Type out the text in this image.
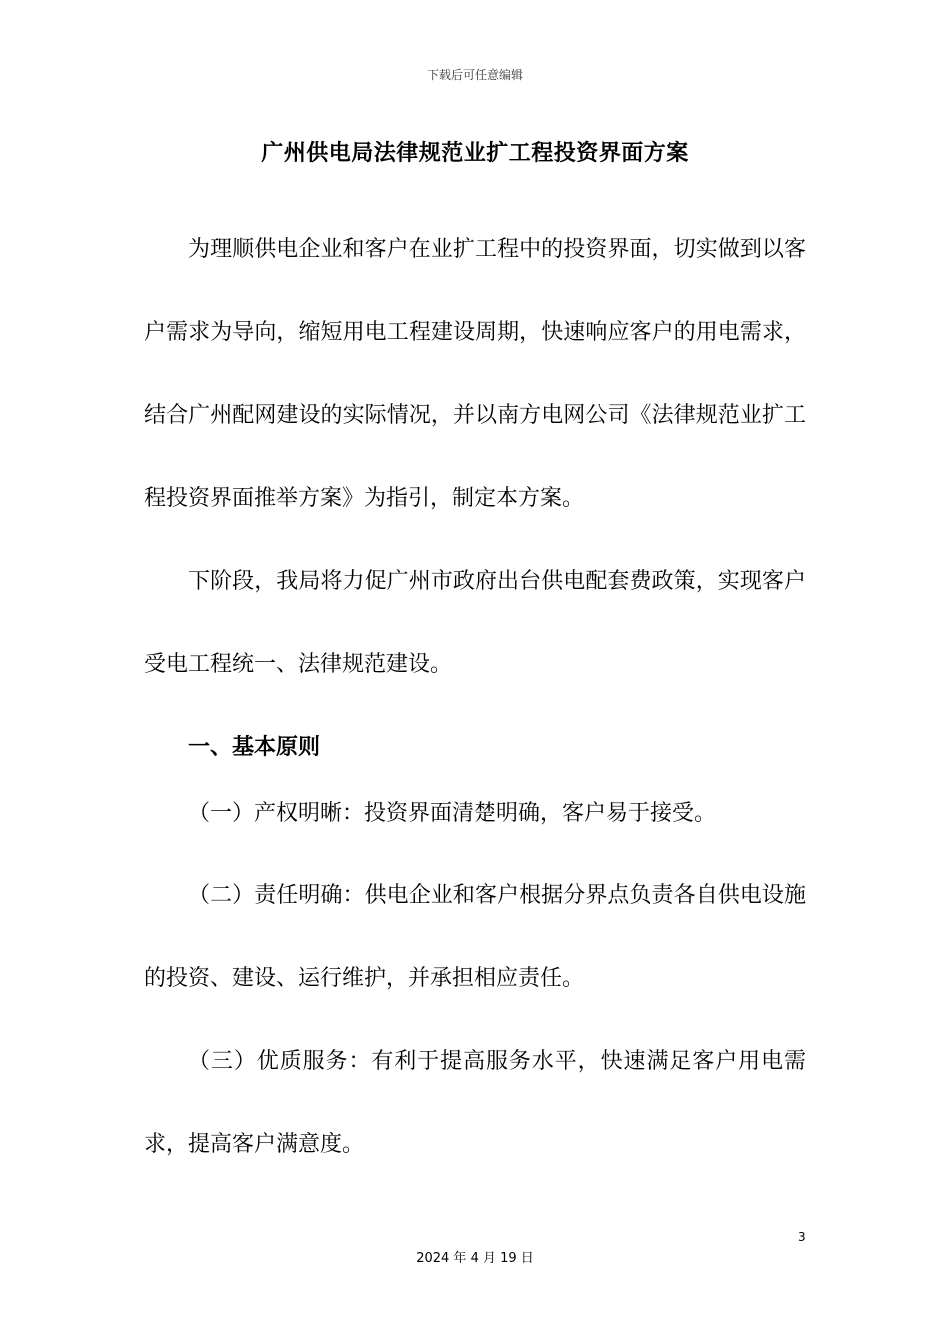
下载后可任意编辑
广州供电局法律规范业扩工程投资界面方案

为理顺供电企业和客户在业扩工程中的投资界面，切实做到以客户需求为导向，缩短用电工程建设周期，快速响应客户的用电需求，结合广州配网建设的实际情况，并以南方电网公司《法律规范业扩工程投资界面推举方案》为指引，制定本方案。

下阶段，我局将力促广州市政府出台供电配套费政策，实现客户受电工程统一、法律规范建设。

一、基本原则

（一）产权明晰：投资界面清楚明确，客户易于接受。

（二）责任明确：供电企业和客户根据分界点负责各自供电设施的投资、建设、运行维护，并承担相应责任。

（三）优质服务：有利于提高服务水平，快速满足客户用电需求，提高客户满意度。

3
2024 年 4 月 19 日
